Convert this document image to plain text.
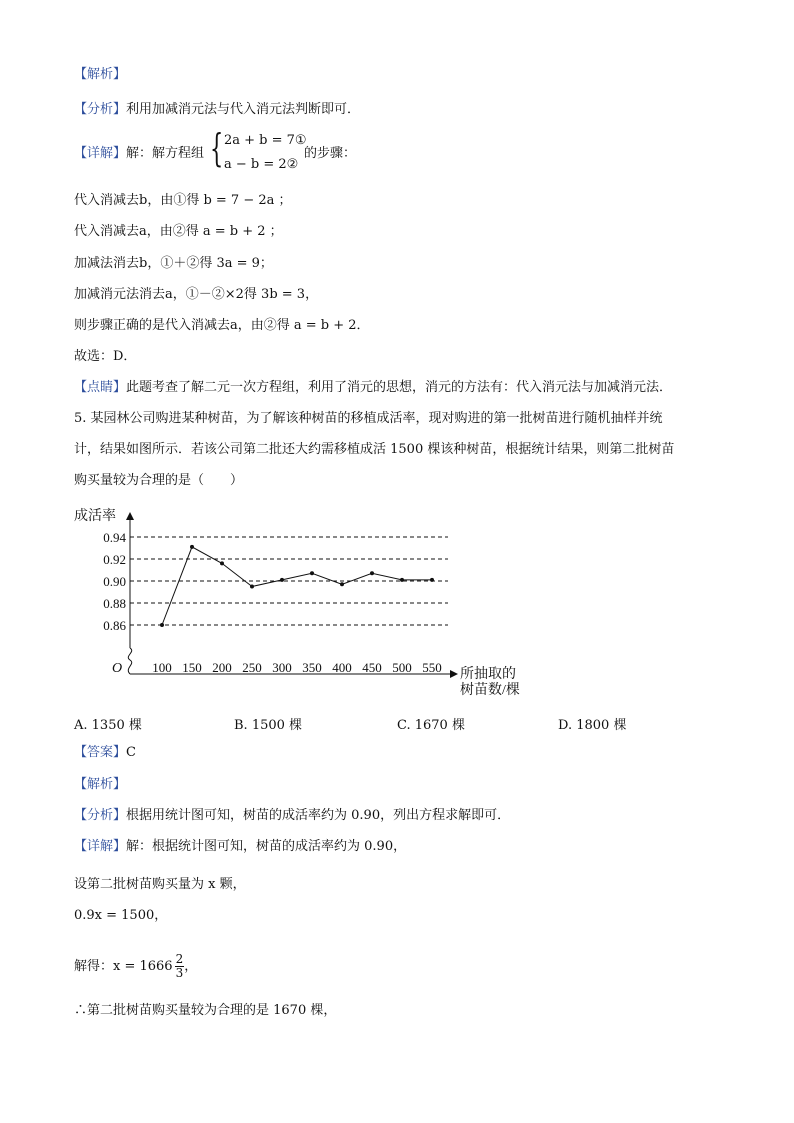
【解析】
【分析】利用加减消元法与代入消元法判断即可．
【详解】解：解方程组 { 2a + b = 7①
a − b = 2②
的步骤：
代入消减去b，由①得 b = 7 − 2a ；
代入消减去a，由②得 a = b + 2 ；
加减法消去b，①＋②得 3a = 9；
加减消元法消去a，①－②×2得 3b = 3，
则步骤正确的是代入消减去a，由②得 a = b + 2．
故选：D．
【点睛】此题考查了解二元一次方程组，利用了消元的思想，消元的方法有：代入消元法与加减消元法．
5. 某园林公司购进某种树苗，为了解该种树苗的移植成活率，现对购进的第一批树苗进行随机抽样并统
计，结果如图所示．若该公司第二批还大约需移植成活 1500 棵该种树苗，根据统计结果，则第二批树苗
购买量较为合理的是（　　）
0.86
0.88
0.90
0.92
0.94
100 150 200 250 300 350 400 450 500 550
O
成活率
所抽取的
树苗数/棵
A. 1350 棵	B. 1500 棵	C. 1670 棵	D. 1800 棵
【答案】C
【解析】
【分析】根据用统计图可知，树苗的成活率约为 0.90，列出方程求解即可．
【详解】解：根据统计图可知，树苗的成活率约为 0.90，
设第二批树苗购买量为 x 颗，
0.9x = 1500，
解得：$x = 1666 \frac{2}{3}$ ，
∴第二批树苗购买量较为合理的是 1670 棵，
